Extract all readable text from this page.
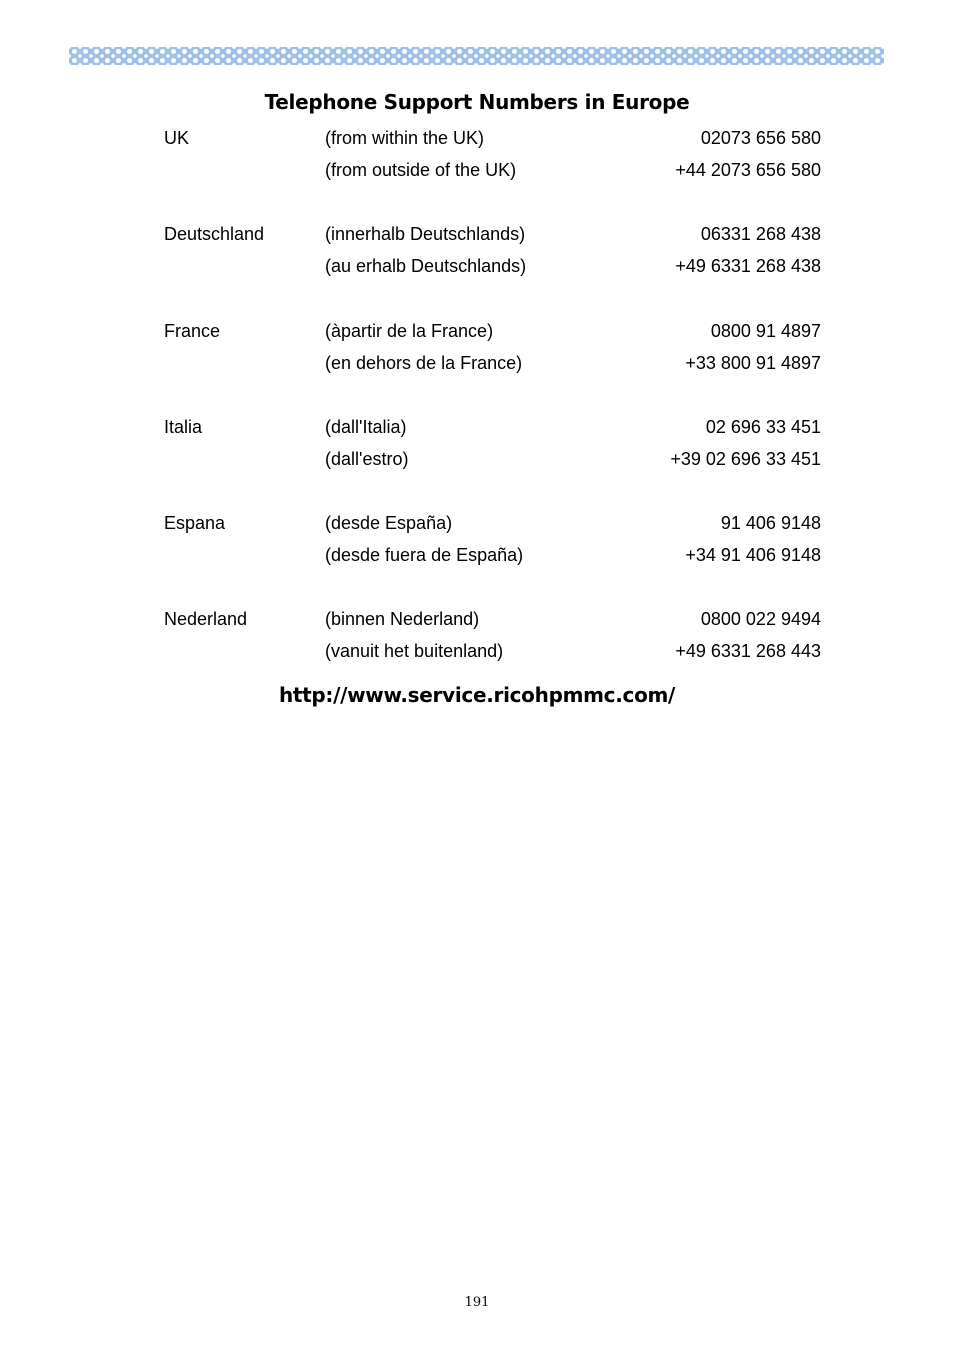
Telephone Support Numbers in Europe
UK	(from within the UK)	02073 656 580
(from outside of the UK)	+44 2073 656 580
Deutschland	(innerhalb Deutschlands)	06331 268 438
(au erhalb Deutschlands)	+49 6331 268 438
France	(àpartir de la France)	0800 91 4897
(en dehors de la France)	+33 800 91 4897
Italia	(dall'Italia)	02 696 33 451
(dall'estro)	+39 02 696 33 451
Espana	(desde España)	91 406 9148
(desde fuera de España)	+34 91 406 9148
Nederland	(binnen Nederland)	0800 022 9494
(vanuit het buitenland)	+49 6331 268 443
http://www.service.ricohpmmc.com/
191
